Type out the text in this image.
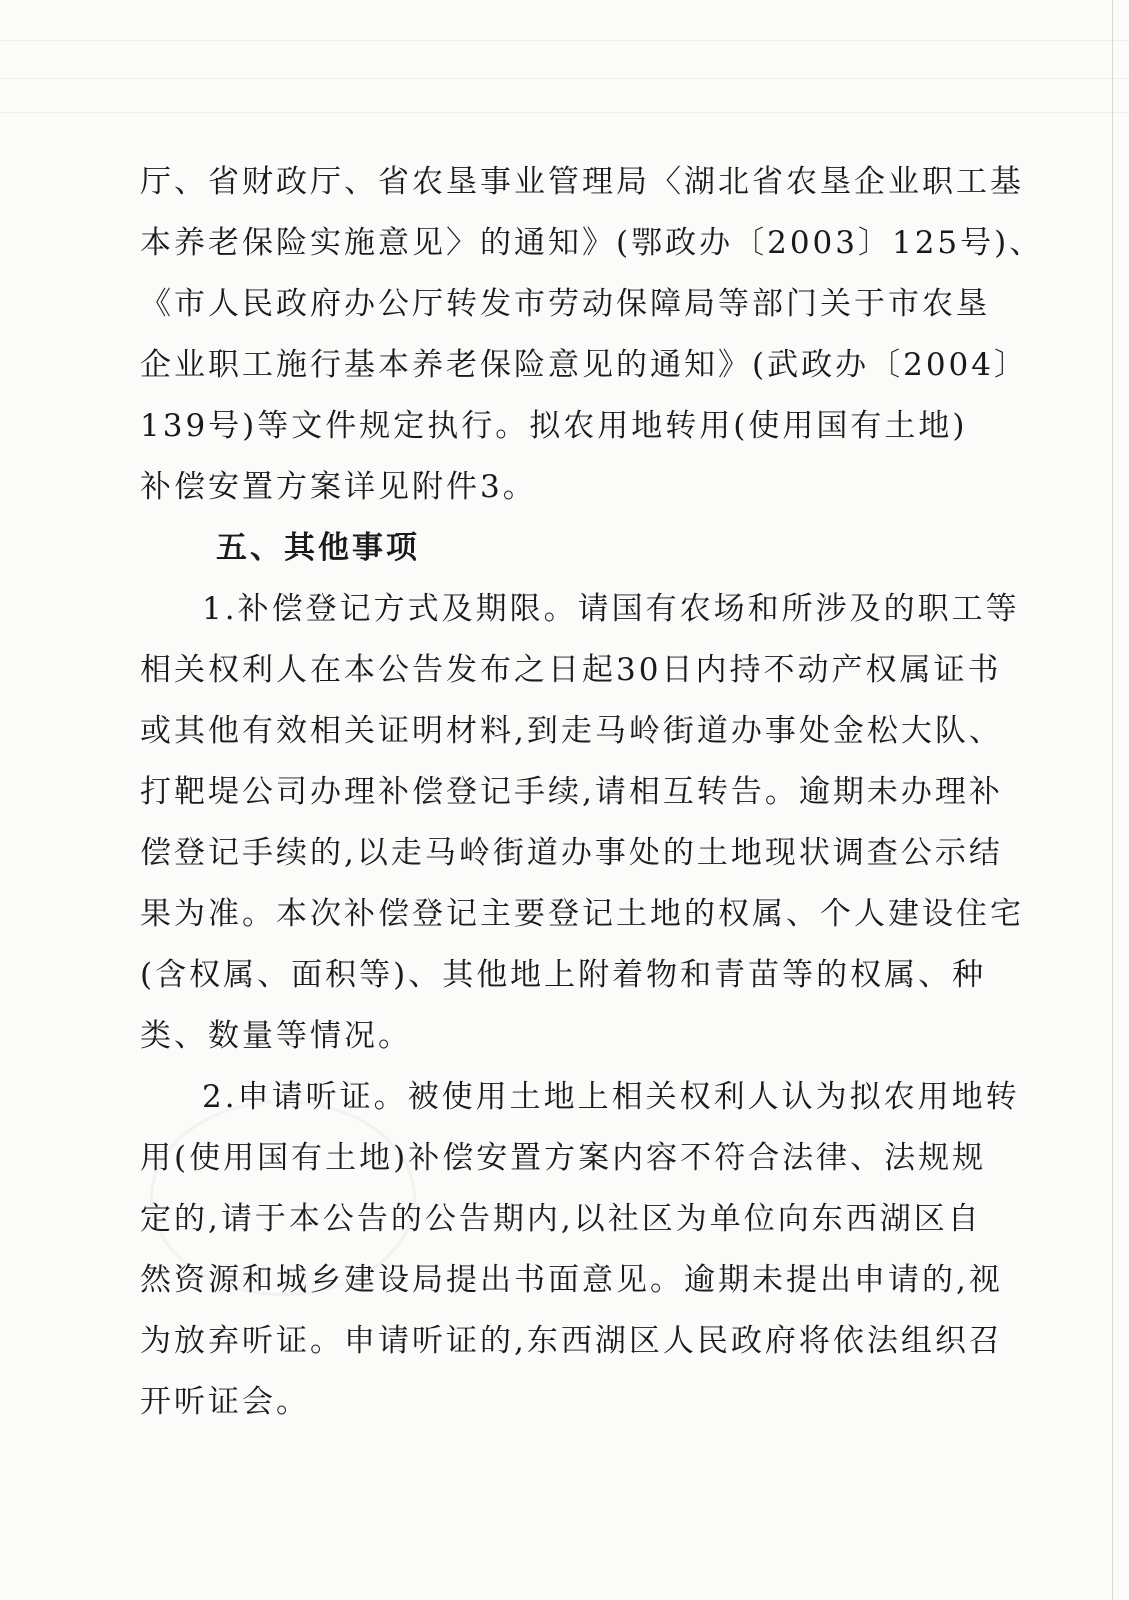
厅、省财政厅、省农垦事业管理局〈湖北省农垦企业职工基
本养老保险实施意见〉的通知》(鄂政办〔2003〕125号)、
《市人民政府办公厅转发市劳动保障局等部门关于市农垦
企业职工施行基本养老保险意见的通知》(武政办〔2004〕
139号)等文件规定执行。拟农用地转用(使用国有土地)
补偿安置方案详见附件3。
五、其他事项
1.补偿登记方式及期限。请国有农场和所涉及的职工等
相关权利人在本公告发布之日起30日内持不动产权属证书
或其他有效相关证明材料,到走马岭街道办事处金松大队、
打靶堤公司办理补偿登记手续,请相互转告。逾期未办理补
偿登记手续的,以走马岭街道办事处的土地现状调查公示结
果为准。本次补偿登记主要登记土地的权属、个人建设住宅
(含权属、面积等)、其他地上附着物和青苗等的权属、种
类、数量等情况。
2.申请听证。被使用土地上相关权利人认为拟农用地转
用(使用国有土地)补偿安置方案内容不符合法律、法规规
定的,请于本公告的公告期内,以社区为单位向东西湖区自
然资源和城乡建设局提出书面意见。逾期未提出申请的,视
为放弃听证。申请听证的,东西湖区人民政府将依法组织召
开听证会。
